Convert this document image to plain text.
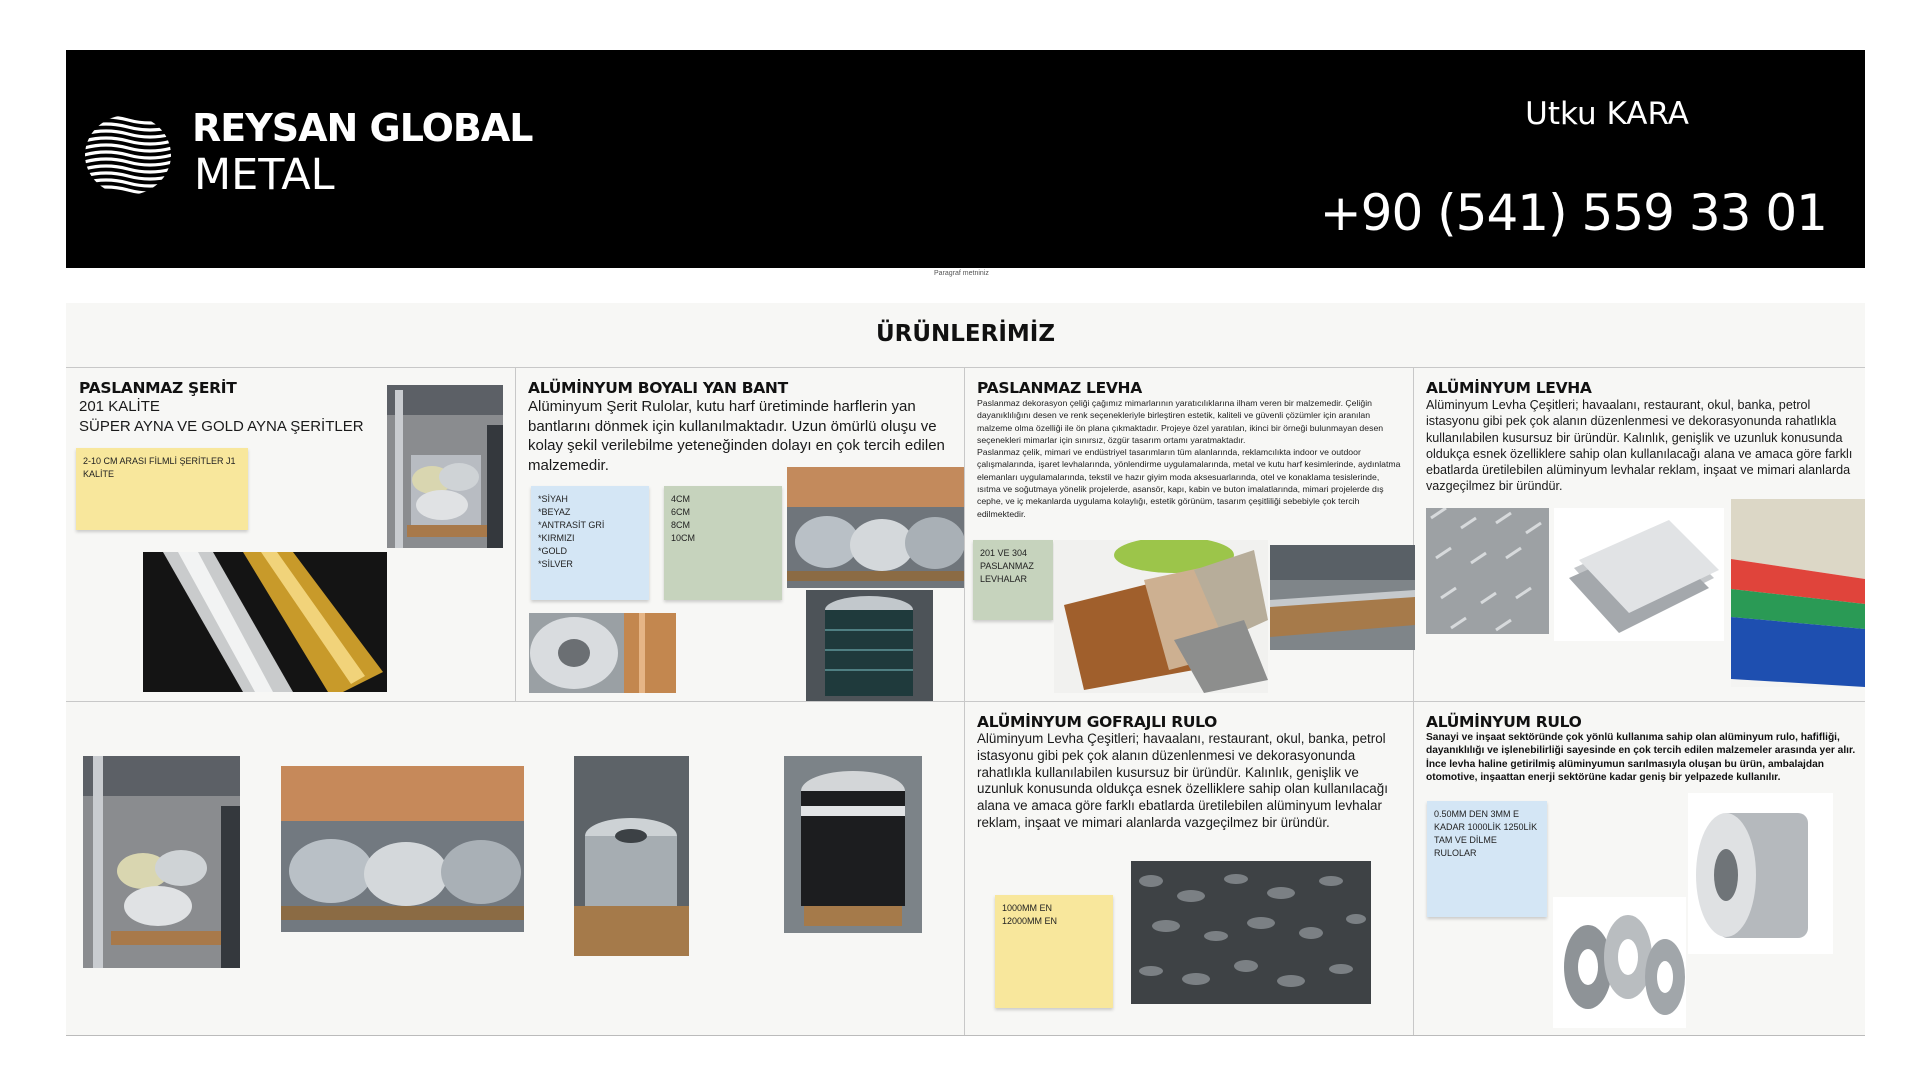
REYSAN GLOBAL
METAL
Utku KARA
+90 (541) 559 33 01
Paragraf metniniz
ÜRÜNLERİMİZ
PASLANMAZ ŞERİT
201 KALİTE
SÜPER AYNA VE GOLD AYNA ŞERİTLER
2-10 CM ARASI FİLMLİ ŞERİTLER J1 KALİTE
ALÜMİNYUM BOYALI YAN BANT
Alüminyum Şerit Rulolar, kutu harf üretiminde harflerin yan bantlarını dönmek için kullanılmaktadır. Uzun ömürlü oluşu ve kolay şekil verilebilme yeteneğinden dolayı en çok tercih edilen malzemedir.
*SİYAH
*BEYAZ
*ANTRASİT GRİ
*KIRMIZI
*GOLD
*SİLVER
4CM
6CM
8CM
10CM
PASLANMAZ LEVHA
Paslanmaz dekorasyon çeliği çağımız mimarlarının yaratıcılıklarına ilham veren bir malzemedir. Çeliğin dayanıklılığını desen ve renk seçenekleriyle birleştiren estetik, kaliteli ve güvenli çözümler için aranılan malzeme olma özelliği ile ön plana çıkmaktadır. Projeye özel yaratılan, ikinci bir örneği bulunmayan desen seçenekleri mimarlar için sınırsız, özgür tasarım ortamı yaratmaktadır.
Paslanmaz çelik, mimari ve endüstriyel tasarımların tüm alanlarında, reklamcılıkta indoor ve outdoor çalışmalarında, işaret levhalarında, yönlendirme uygulamalarında, metal ve kutu harf kesimlerinde, aydınlatma elemanları uygulamalarında, tekstil ve hazır giyim moda aksesuarlarında, otel ve konaklama tesislerinde, ısıtma ve soğutmaya yönelik projelerde, asansör, kapı, kabin ve buton imalatlarında, mimari projelerde dış cephe, ve iç mekanlarda uygulama kolaylığı, estetik görünüm, tasarım çeşitliliği sebebiyle çok tercih edilmektedir.
201 VE 304 PASLANMAZ LEVHALAR
ALÜMİNYUM LEVHA
Alüminyum Levha Çeşitleri; havaalanı, restaurant, okul, banka, petrol istasyonu gibi pek çok alanın düzenlenmesi ve dekorasyonunda rahatlıkla kullanılabilen kusursuz bir üründür. Kalınlık, genişlik ve uzunluk konusunda oldukça esnek özelliklere sahip olan kullanılacağı alana ve amaca göre farklı ebatlarda üretilebilen alüminyum levhalar reklam, inşaat ve mimari alanlarda vazgeçilmez bir üründür.
ALÜMİNYUM GOFRAJLI RULO
Alüminyum Levha Çeşitleri; havaalanı, restaurant, okul, banka, petrol istasyonu gibi pek çok alanın düzenlenmesi ve dekorasyonunda rahatlıkla kullanılabilen kusursuz bir üründür. Kalınlık, genişlik ve uzunluk konusunda oldukça esnek özelliklere sahip olan kullanılacağı alana ve amaca göre farklı ebatlarda üretilebilen alüminyum levhalar reklam, inşaat ve mimari alanlarda vazgeçilmez bir üründür.
1000MM EN
12000MM EN
ALÜMİNYUM RULO
Sanayi ve inşaat sektöründe çok yönlü kullanıma sahip olan alüminyum rulo, hafifliği, dayanıklılığı ve işlenebilirliği sayesinde en çok tercih edilen malzemeler arasında yer alır. İnce levha haline getirilmiş alüminyumun sarılmasıyla oluşan bu ürün, ambalajdan otomotive, inşaattan enerji sektörüne kadar geniş bir yelpazede kullanılır.
0.50MM DEN 3MM E KADAR 1000LİK 1250LİK TAM VE DİLME RULOLAR
